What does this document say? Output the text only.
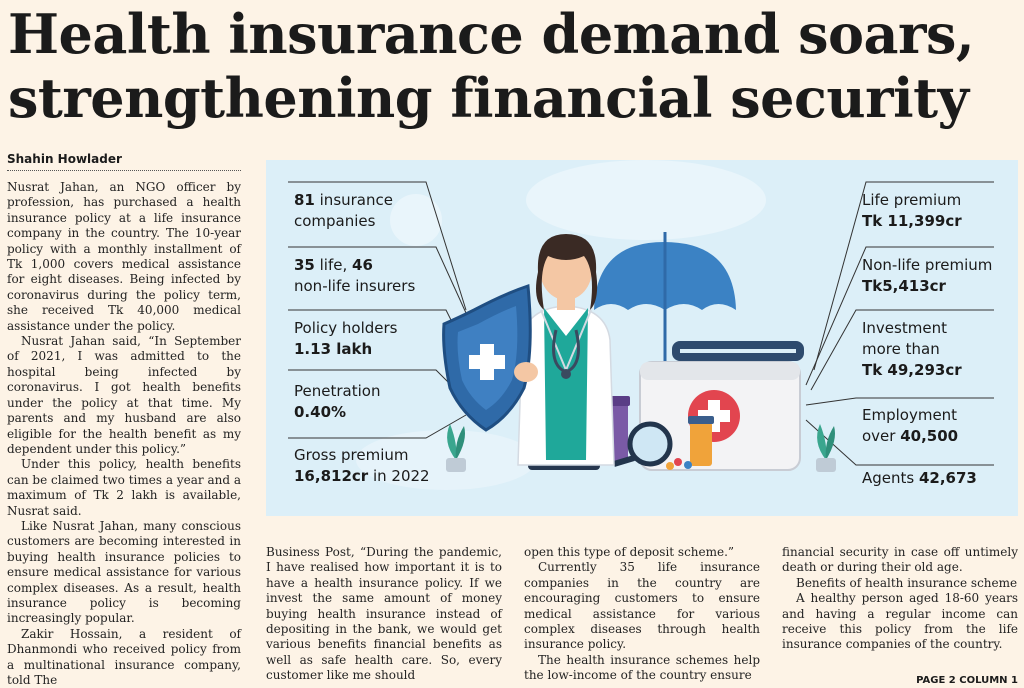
Health insurance demand soars,
strengthening financial security
Shahin Howlader

Nusrat Jahan, an NGO officer by profession, has purchased a health insurance policy at a life insurance company in the country. The 10-year policy with a monthly installment of Tk 1,000 covers medical assistance for eight diseases. Being infected by coronavirus during the policy term, she received Tk 40,000 medical assistance under the policy.

Nusrat Jahan said, “In September of 2021, I was admitted to the hospital being infected by coronavirus. I got health benefits under the policy at that time. My parents and my husband are also eligible for the health benefit as my dependent under this policy.”

Under this policy, health benefits can be claimed two times a year and a maximum of Tk 2 lakh is available, Nusrat said.

Like Nusrat Jahan, many conscious customers are becoming interested in buying health insurance policies to ensure medical assistance for various complex diseases. As a result, health insurance policy is becoming increasingly popular.

Zakir Hossain, a resident of Dhanmondi who received policy from a multinational insurance company, told The

Business Post, “During the pandemic, I have realised how important it is to have a health insurance policy. If we invest the same amount of money buying health insurance instead of depositing in the bank, we would get various benefits financial benefits as well as safe health care. So, every customer like me should

open this type of deposit scheme.”

Currently 35 life insurance companies in the country are encouraging customers to ensure medical assistance for various complex diseases through health insurance policy.

The health insurance schemes help the low-income of the country ensure

financial security in case off untimely death or during their old age.

Benefits of health insurance scheme

A healthy person aged 18-60 years and having a regular income can receive this policy from the life insurance companies of the country.

PAGE 2 COLUMN 1
81 insurance
companies
35 life, 46
non-life insurers
Policy holders
1.13 lakh
Penetration
0.40%
Gross premium
16,812cr in 2022
Life premium
Tk 11,399cr
Non-life premium
Tk5,413cr
Investment
more than
Tk 49,293cr
Employment
over 40,500
Agents 42,673
